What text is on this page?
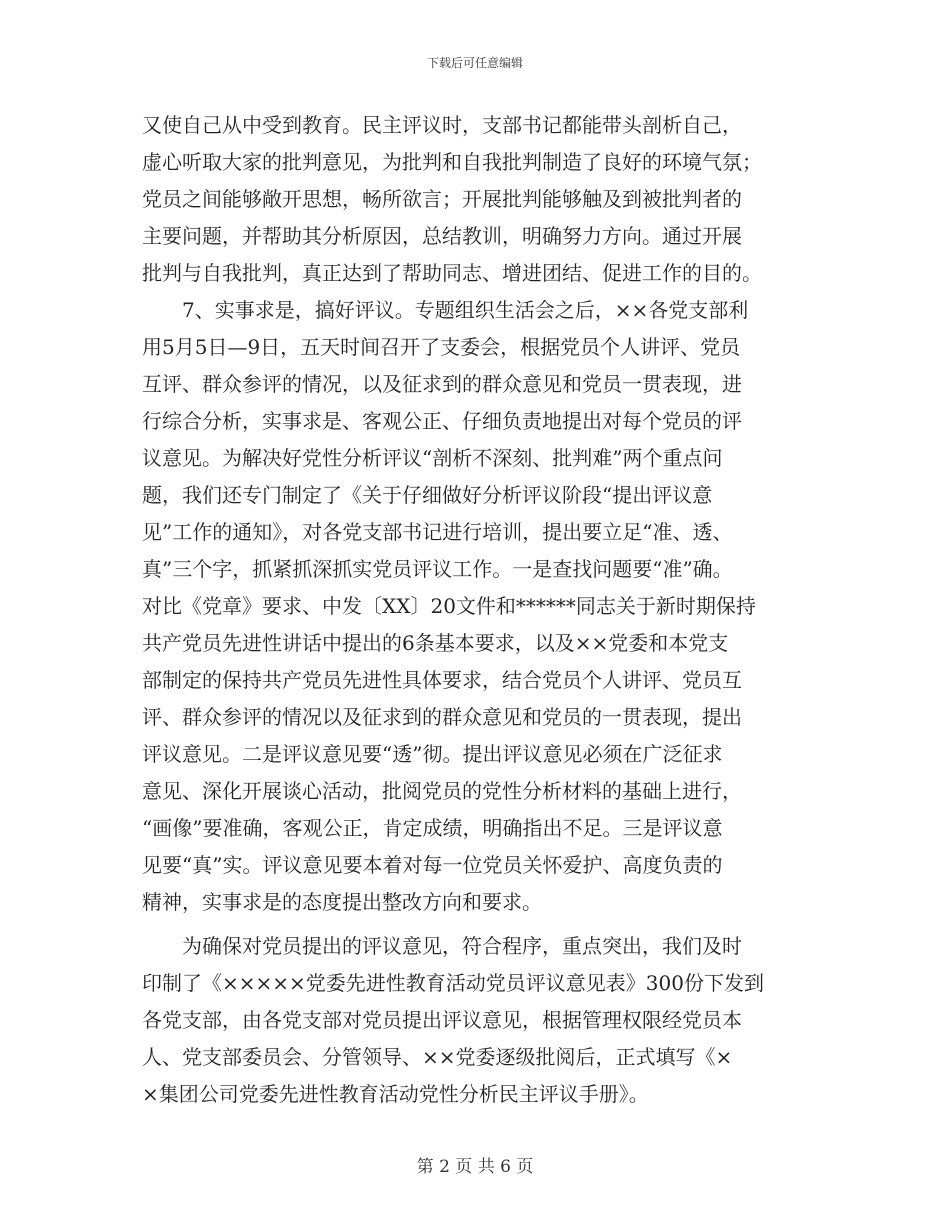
下载后可任意编辑
又使自己从中受到教育。民主评议时，支部书记都能带头剖析自己，
虚心听取大家的批判意见，为批判和自我批判制造了良好的环境气氛；
党员之间能够敞开思想，畅所欲言；开展批判能够触及到被批判者的
主要问题，并帮助其分析原因，总结教训，明确努力方向。通过开展
批判与自我批判，真正达到了帮助同志、增进团结、促进工作的目的。
　　7、实事求是，搞好评议。专题组织生活会之后，××各党支部利
用5月5日—9日，五天时间召开了支委会，根据党员个人讲评、党员
互评、群众参评的情况，以及征求到的群众意见和党员一贯表现，进
行综合分析，实事求是、客观公正、仔细负责地提出对每个党员的评
议意见。为解决好党性分析评议“剖析不深刻、批判难”两个重点问
题，我们还专门制定了《关于仔细做好分析评议阶段“提出评议意
见”工作的通知》，对各党支部书记进行培训，提出要立足“准、透、
真”三个字，抓紧抓深抓实党员评议工作。一是查找问题要“准”确。
对比《党章》要求、中发〔XX〕20文件和******同志关于新时期保持
共产党员先进性讲话中提出的6条基本要求，以及××党委和本党支
部制定的保持共产党员先进性具体要求，结合党员个人讲评、党员互
评、群众参评的情况以及征求到的群众意见和党员的一贯表现，提出
评议意见。二是评议意见要“透”彻。提出评议意见必须在广泛征求
意见、深化开展谈心活动，批阅党员的党性分析材料的基础上进行，
“画像”要准确，客观公正，肯定成绩，明确指出不足。三是评议意
见要“真”实。评议意见要本着对每一位党员关怀爱护、高度负责的
精神，实事求是的态度提出整改方向和要求。
　　为确保对党员提出的评议意见，符合程序，重点突出，我们及时
印制了《×××××党委先进性教育活动党员评议意见表》300份下发到
各党支部，由各党支部对党员提出评议意见，根据管理权限经党员本
人、党支部委员会、分管领导、××党委逐级批阅后，正式填写《×
×集团公司党委先进性教育活动党性分析民主评议手册》。
第 2 页 共 6 页
